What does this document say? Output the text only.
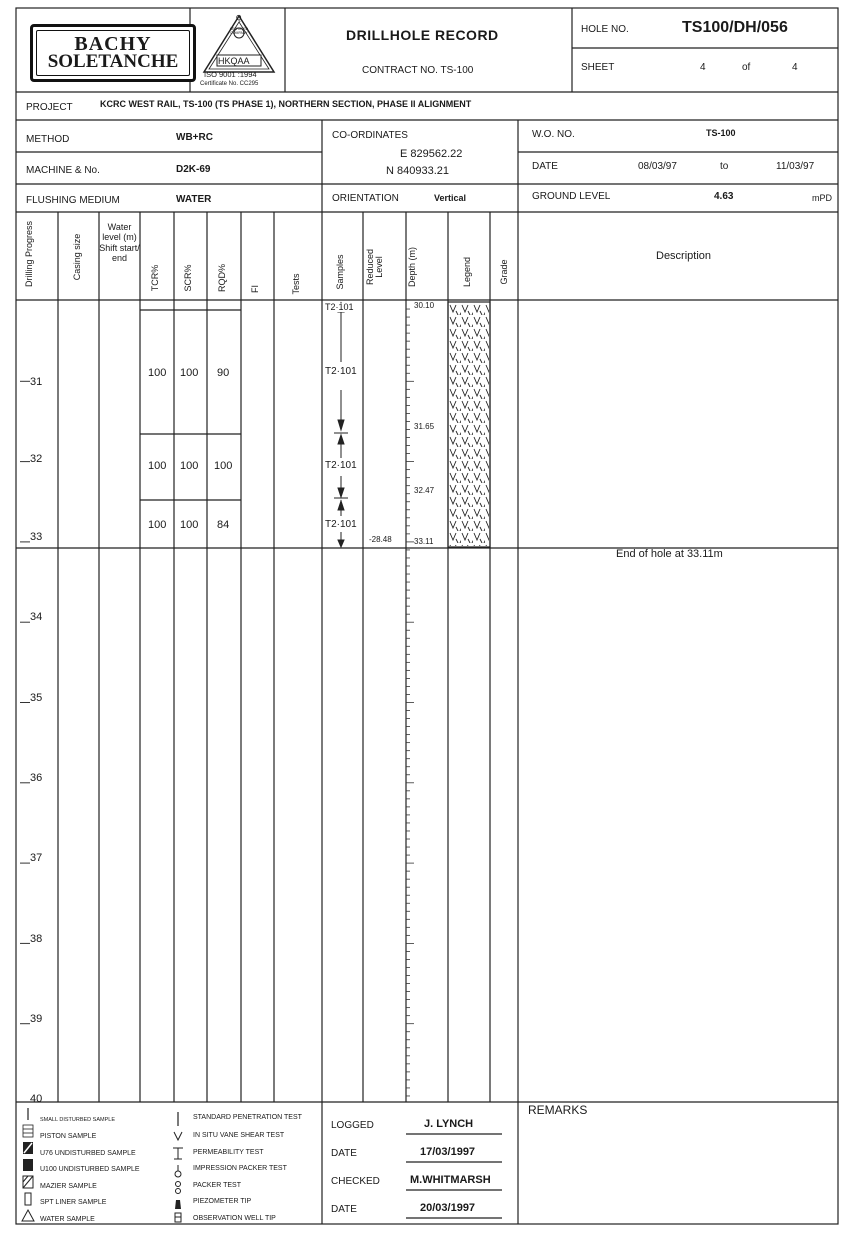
BACHY
SOLETANCHE
Q
CERTIFIED COMPANY
HKQAA
ISO 9001 :1994
Certificate No. CC295
DRILLHOLE RECORD
CONTRACT NO. TS-100
HOLE NO.	TS100/DH/056
SHEET	4	of	4
PROJECT	KCRC WEST RAIL, TS-100 (TS PHASE 1), NORTHERN SECTION, PHASE II ALIGNMENT
METHOD	WB+RC
MACHINE & No.	D2K-69
FLUSHING MEDIUM	WATER
CO-ORDINATES
E 829562.22
N 840933.21
ORIENTATION	Vertical
W.O. NO.	TS-100
DATE	08/03/97	to	11/03/97
GROUND LEVEL	4.63	mPD
Drilling Progress	Casing size
Water level (m) Shift start/ end
TCR%	SCR%	RQD%	FI	Tests	Samples	Reduced Level	Depth (m)	Legend	Grade
Description
31
32
33
34
35
36
37
38
39
40
100 100 90
100 100 100
100 100 84
T2·101
T2·101
T2·101
T2·101
30.10
31.65
32.47
33.11
-28.48
End of hole at 33.11m
SMALL DISTURBED SAMPLE
PISTON SAMPLE
U76 UNDISTURBED SAMPLE
U100 UNDISTURBED SAMPLE
MAZIER SAMPLE
SPT LINER SAMPLE
WATER SAMPLE
STANDARD PENETRATION TEST
IN SITU VANE SHEAR TEST
PERMEABILITY TEST
IMPRESSION PACKER TEST
PACKER TEST
PIEZOMETER TIP
OBSERVATION WELL TIP
LOGGED	J. LYNCH
DATE	17/03/1997
CHECKED	M.WHITMARSH
DATE	20/03/1997
REMARKS
